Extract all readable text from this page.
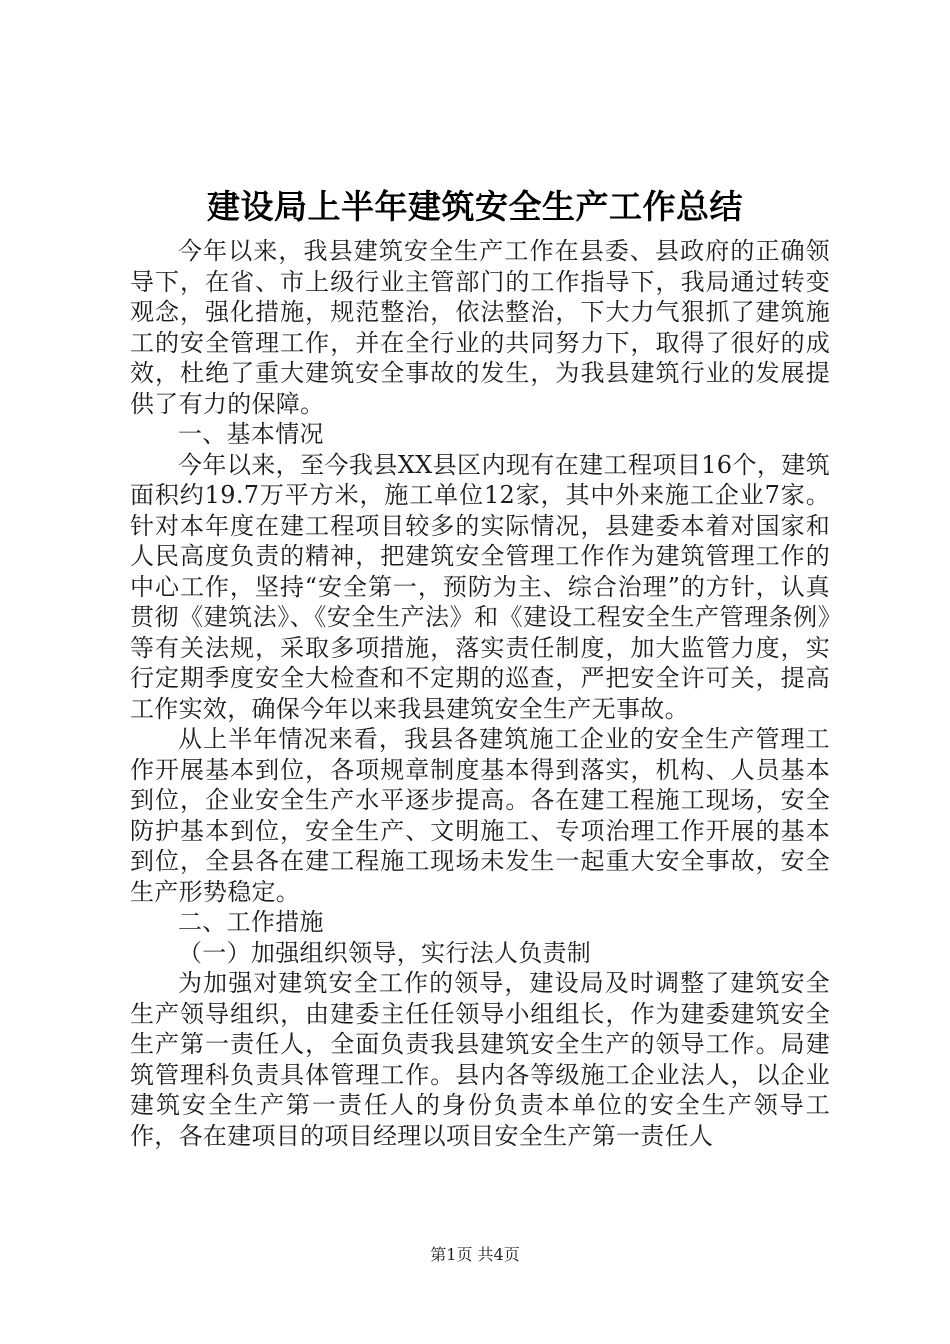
建设局上半年建筑安全生产工作总结

今年以来，我县建筑安全生产工作在县委、县政府的正确领导下，在省、市上级行业主管部门的工作指导下，我局通过转变观念，强化措施，规范整治，依法整治，下大力气狠抓了建筑施工的安全管理工作，并在全行业的共同努力下，取得了很好的成效，杜绝了重大建筑安全事故的发生，为我县建筑行业的发展提供了有力的保障。

一、基本情况

今年以来，至今我县XX县区内现有在建工程项目16个，建筑面积约19.7万平方米，施工单位12家，其中外来施工企业7家。针对本年度在建工程项目较多的实际情况，县建委本着对国家和人民高度负责的精神，把建筑安全管理工作作为建筑管理工作的中心工作，坚持“安全第一，预防为主、综合治理”的方针，认真贯彻《建筑法》、《安全生产法》和《建设工程安全生产管理条例》等有关法规，采取多项措施，落实责任制度，加大监管力度，实行定期季度安全大检查和不定期的巡查，严把安全许可关，提高工作实效，确保今年以来我县建筑安全生产无事故。

从上半年情况来看，我县各建筑施工企业的安全生产管理工作开展基本到位，各项规章制度基本得到落实，机构、人员基本到位，企业安全生产水平逐步提高。各在建工程施工现场，安全防护基本到位，安全生产、文明施工、专项治理工作开展的基本到位，全县各在建工程施工现场未发生一起重大安全事故，安全生产形势稳定。

二、工作措施

（一）加强组织领导，实行法人负责制

为加强对建筑安全工作的领导，建设局及时调整了建筑安全生产领导组织，由建委主任任领导小组组长，作为建委建筑安全生产第一责任人，全面负责我县建筑安全生产的领导工作。局建筑管理科负责具体管理工作。县内各等级施工企业法人，以企业建筑安全生产第一责任人的身份负责本单位的安全生产领导工作，各在建项目的项目经理以项目安全生产第一责任人

第1页 共4页
